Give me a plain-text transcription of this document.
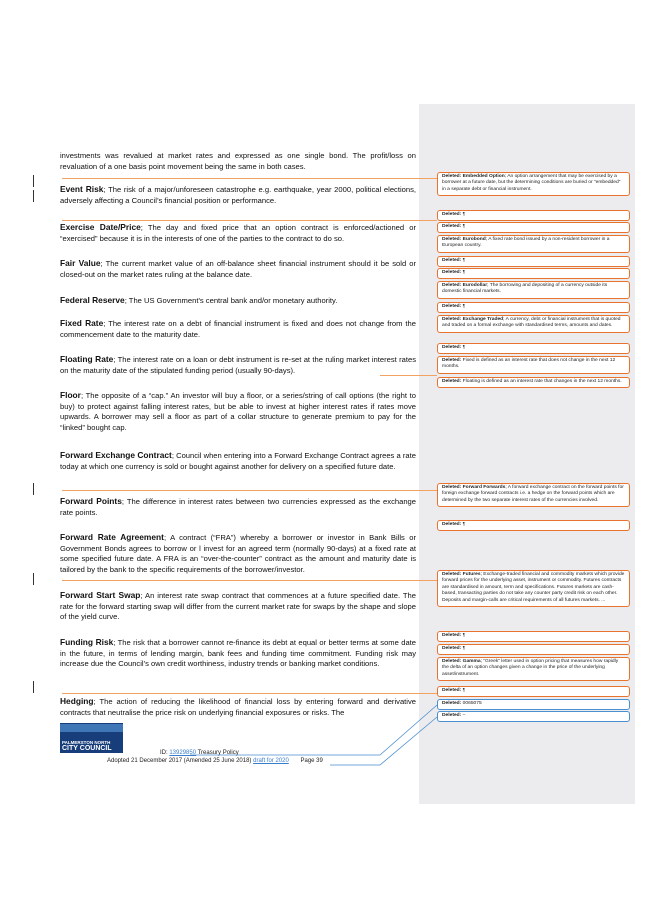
investments was revalued at market rates and expressed as one single bond. The profit/loss on revaluation of a one basis point movement being the same in both cases.
Event Risk; The risk of a major/unforeseen catastrophe e.g. earthquake, year 2000, political elections, adversely affecting a Council’s financial position or performance.
Exercise Date/Price; The day and fixed price that an option contract is enforced/actioned or “exercised” because it is in the interests of one of the parties to the contract to do so.
Fair Value; The current market value of an off-balance sheet financial instrument should it be sold or closed-out on the market rates ruling at the balance date.
Federal Reserve; The US Government's central bank and/or monetary authority.
Fixed Rate; The interest rate on a debt of financial instrument is fixed and does not change from the commencement date to the maturity date.
Floating Rate; The interest rate on a loan or debt instrument is re-set at the ruling market interest rates on the maturity date of the stipulated funding period (usually 90-days).
Floor; The opposite of a “cap.” An investor will buy a floor, or a series/string of call options (the right to buy) to protect against falling interest rates, but be able to invest at higher interest rates if rates move upwards. A borrower may sell a floor as part of a collar structure to generate premium to pay for the “linked” bought cap.
Forward Exchange Contract; Council when entering into a Forward Exchange Contract agrees a rate today at which one currency is sold or bought against another for delivery on a specified future date.
Forward Points; The difference in interest rates between two currencies expressed as the exchange rate points.
Forward Rate Agreement; A contract (“FRA”) whereby a borrower or investor in Bank Bills or Government Bonds agrees to borrow or l invest for an agreed term (normally 90-days) at a fixed rate at some specified future date. A FRA is an “over-the-counter” contract as the amount and maturity date is tailored by the bank to the specific requirements of the borrower/investor.
Forward Start Swap; An interest rate swap contract that commences at a future specified date. The rate for the forward starting swap will differ from the current market rate for swaps by the shape and slope of the yield curve.
Funding Risk; The risk that a borrower cannot re-finance its debt at equal or better terms at some date in the future, in terms of lending margin, bank fees and funding time commitment. Funding risk may increase due the Council’s own credit worthiness, industry trends or banking market conditions.
Hedging; The action of reducing the likelihood of financial loss by entering forward and derivative contracts that neutralise the price risk on underlying financial exposures or risks. The
Deleted: Embedded Option; An option arrangement that may be exercised by a borrower at a future date, but the determining conditions are buried or “embedded” in a separate debt or financial instrument.
Deleted: ¶
Deleted: ¶
Deleted: Eurobond; A fixed rate bond issued by a non-resident borrower in a European country.
Deleted: ¶
Deleted: ¶
Deleted: Eurodollar; The borrowing and depositing of a currency outside its domestic financial markets.
Deleted: ¶
Deleted: Exchange Traded; A currency, debt or financial instrument that is quoted and traded on a formal exchange with standardised terms, amounts and dates.
Deleted: ¶
Deleted: Fixed is defined as an interest rate that does not change in the next 12 months.
Deleted: Floating is defined as an interest rate that changes in the next 12 months.
Deleted: Forward Forwards; A forward exchange contract on the forward points for foreign exchange forward contracts i.e. a hedge on the forward points which are determined by the two separate interest rates of the currencies involved.
Deleted: ¶
Deleted: Futures; Exchange-traded financial and commodity markets which provide forward prices for the underlying asset, instrument or commodity. Futures contracts are standardised in amount, term and specifications. Futures markets are cash-based, transacting parties do not take any counter party credit risk on each other. Deposits and margin-calls are critical requirements of all futures markets. ...
Deleted: ¶
Deleted: ¶
Deleted: Gamma; “Greek” letter used in option pricing that measures how rapidly the delta of an option changes given a change in the price of the underlying asset/instrument.
Deleted: ¶
Deleted: 0065075
Deleted: –
PALMERSTON NORTH
CITY COUNCIL
ID: 13929850 Treasury Policy
Adopted 21 December 2017 (Amended 25 June 2018) draft for 2020 Page 39
